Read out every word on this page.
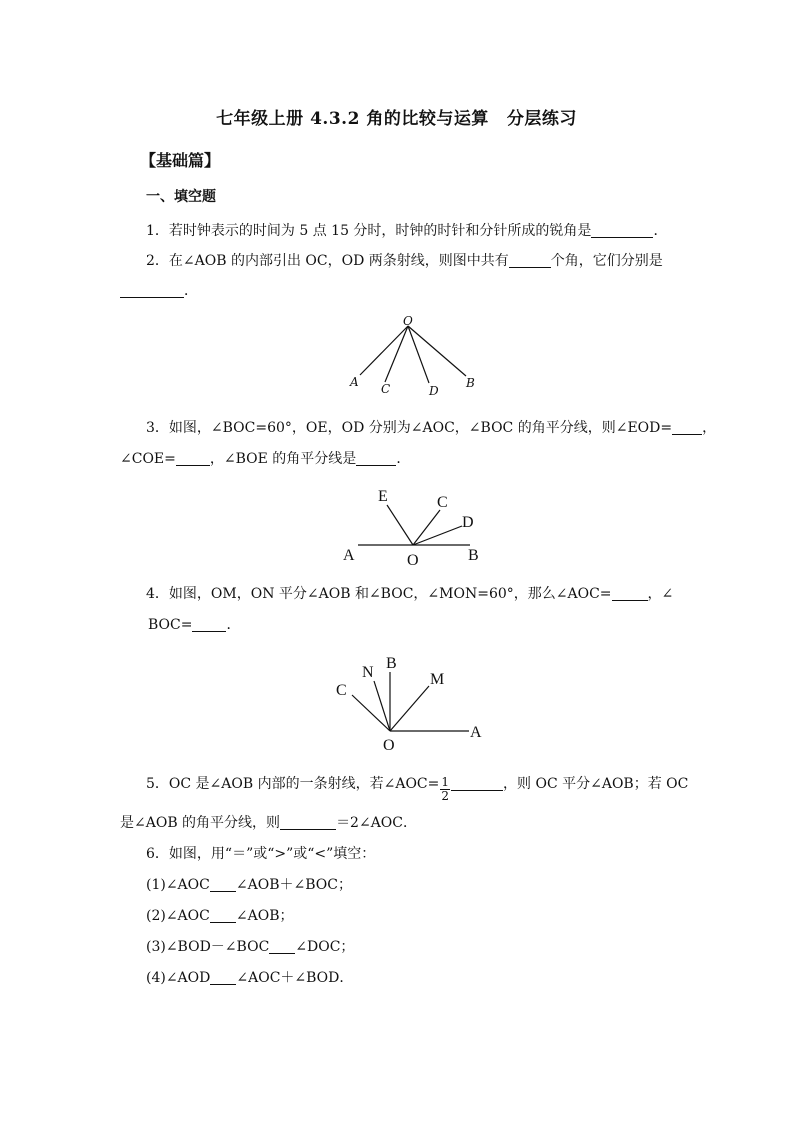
七年级上册 4.3.2 角的比较与运算 分层练习
【基础篇】
一、填空题
1．若时钟表示的时间为 5 点 15 分时，时钟的时针和分针所成的锐角是	．
2．在∠AOB 的内部引出 OC，OD 两条射线，则图中共有	个角，它们分别是
．
O
A C	D
B
3．如图，∠BOC=60°，OE，OD 分别为∠AOC，∠BOC 的角平分线，则∠EOD= ，
∠COE= ，∠BOE 的角平分线是	．
E	C
D
A	O	B
4．如图，OM，ON 平分∠AOB 和∠BOC，∠MON=60°，那么∠AOC=	，∠
BOC= ．
B
N	M
C
A
O
5．OC 是∠AOB 内部的一条射线，若∠AOC= $\frac{1}{2}$	，则 OC 平分∠AOB；若 OC
是∠AOB 的角平分线，则	＝2∠AOC．
6．如图，用“＝”或“>”或“<”填空：
(1)∠AOC ∠AOB＋∠BOC；
(2)∠AOC ∠AOB；
(3)∠BOD－∠BOC ∠DOC；
(4)∠AOD ∠AOC＋∠BOD．
